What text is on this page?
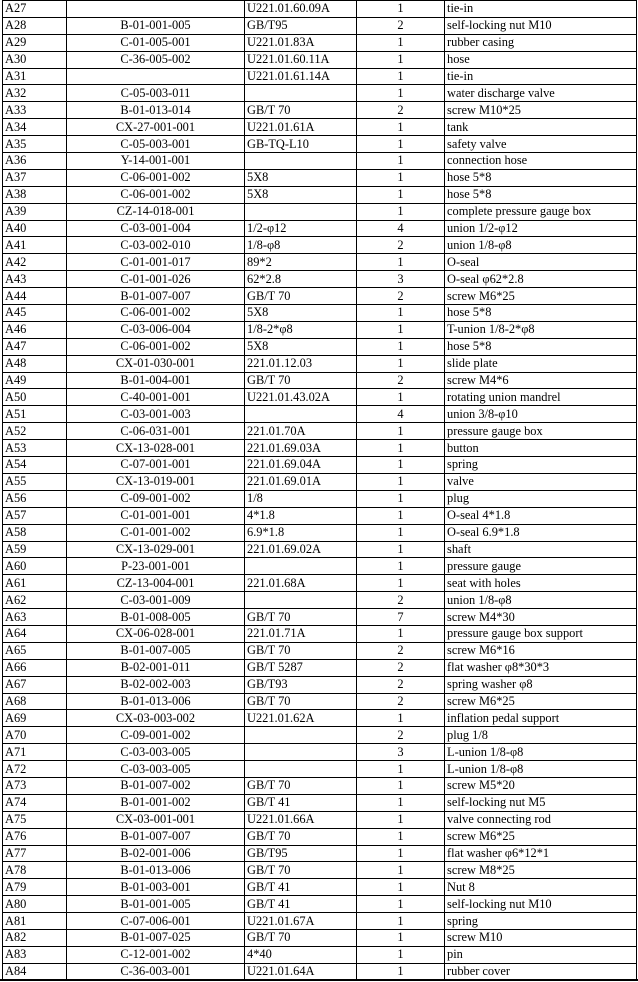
A27		U221.01.60.09A	1	tie-in
A28	B-01-001-005	GB/T95	2	self-locking nut M10
A29	C-01-005-001	U221.01.83A	1	rubber casing
A30	C-36-005-002	U221.01.60.11A	1	hose
A31		U221.01.61.14A	1	tie-in
A32	C-05-003-011		1	water discharge valve
A33	B-01-013-014	GB/T 70	2	screw M10*25
A34	CX-27-001-001	U221.01.61A	1	tank
A35	C-05-003-001	GB-TQ-L10	1	safety valve
A36	Y-14-001-001		1	connection hose
A37	C-06-001-002	5X8	1	hose 5*8
A38	C-06-001-002	5X8	1	hose 5*8
A39	CZ-14-018-001		1	complete pressure gauge box
A40	C-03-001-004	1/2-φ12	4	union 1/2-φ12
A41	C-03-002-010	1/8-φ8	2	union 1/8-φ8
A42	C-01-001-017	89*2	1	O-seal
A43	C-01-001-026	62*2.8	3	O-seal φ62*2.8
A44	B-01-007-007	GB/T 70	2	screw M6*25
A45	C-06-001-002	5X8	1	hose 5*8
A46	C-03-006-004	1/8-2*φ8	1	T-union 1/8-2*φ8
A47	C-06-001-002	5X8	1	hose 5*8
A48	CX-01-030-001	221.01.12.03	1	slide plate
A49	B-01-004-001	GB/T 70	2	screw M4*6
A50	C-40-001-001	U221.01.43.02A	1	rotating union mandrel
A51	C-03-001-003		4	union 3/8-φ10
A52	C-06-031-001	221.01.70A	1	pressure gauge box
A53	CX-13-028-001	221.01.69.03A	1	button
A54	C-07-001-001	221.01.69.04A	1	spring
A55	CX-13-019-001	221.01.69.01A	1	valve
A56	C-09-001-002	1/8	1	plug
A57	C-01-001-001	4*1.8	1	O-seal 4*1.8
A58	C-01-001-002	6.9*1.8	1	O-seal 6.9*1.8
A59	CX-13-029-001	221.01.69.02A	1	shaft
A60	P-23-001-001		1	pressure gauge
A61	CZ-13-004-001	221.01.68A	1	seat with holes
A62	C-03-001-009		2	union 1/8-φ8
A63	B-01-008-005	GB/T 70	7	screw M4*30
A64	CX-06-028-001	221.01.71A	1	pressure gauge box support
A65	B-01-007-005	GB/T 70	2	screw M6*16
A66	B-02-001-011	GB/T 5287	2	flat washer φ8*30*3
A67	B-02-002-003	GB/T93	2	spring washer φ8
A68	B-01-013-006	GB/T 70	2	screw M6*25
A69	CX-03-003-002	U221.01.62A	1	inflation pedal support
A70	C-09-001-002		2	plug 1/8
A71	C-03-003-005		3	L-union 1/8-φ8
A72	C-03-003-005		1	L-union 1/8-φ8
A73	B-01-007-002	GB/T 70	1	screw M5*20
A74	B-01-001-002	GB/T 41	1	self-locking nut M5
A75	CX-03-001-001	U221.01.66A	1	valve connecting rod
A76	B-01-007-007	GB/T 70	1	screw M6*25
A77	B-02-001-006	GB/T95	1	flat washer φ6*12*1
A78	B-01-013-006	GB/T 70	1	screw M8*25
A79	B-01-003-001	GB/T 41	1	Nut 8
A80	B-01-001-005	GB/T 41	1	self-locking nut M10
A81	C-07-006-001	U221.01.67A	1	spring
A82	B-01-007-025	GB/T 70	1	screw M10
A83	C-12-001-002	4*40	1	pin
A84	C-36-003-001	U221.01.64A	1	rubber cover
